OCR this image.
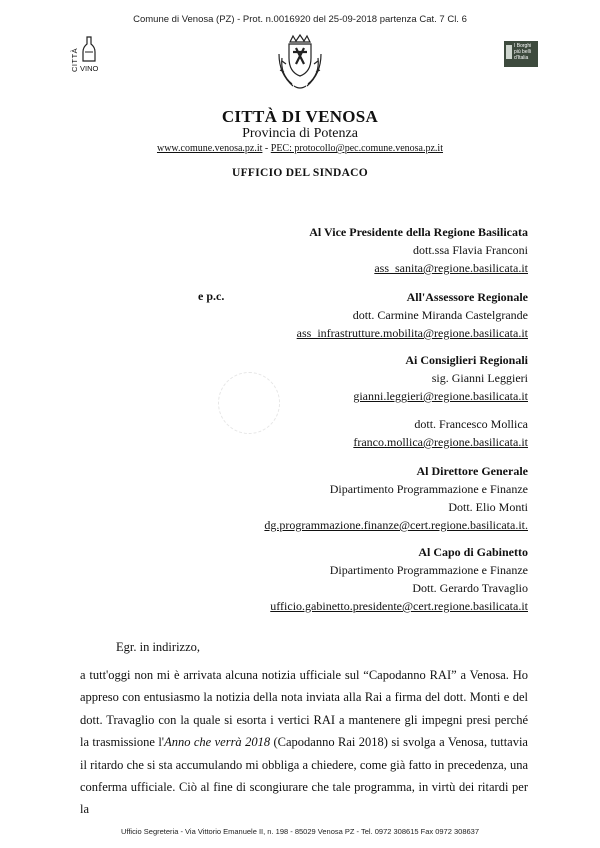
Comune di Venosa (PZ) - Prot. n.0016920 del 25-09-2018 partenza Cat. 7 Cl. 6
CITTÀ VINO
I Borghi più belli d'Italia
CITTÀ DI VENOSA
Provincia di Potenza
www.comune.venosa.pz.it - PEC: protocollo@pec.comune.venosa.pz.it
UFFICIO DEL SINDACO
Al Vice Presidente della Regione Basilicata
dott.ssa Flavia Franconi
ass_sanita@regione.basilicata.it
e p.c.	All'Assessore Regionale
dott. Carmine Miranda Castelgrande
ass_infrastrutture.mobilita@regione.basilicata.it
Ai Consiglieri Regionali
sig. Gianni Leggieri
gianni.leggieri@regione.basilicata.it
dott. Francesco Mollica
franco.mollica@regione.basilicata.it
Al Direttore Generale
Dipartimento Programmazione e Finanze
Dott. Elio Monti
dg.programmazione.finanze@cert.regione.basilicata.it.
Al Capo di Gabinetto
Dipartimento Programmazione e Finanze
Dott. Gerardo Travaglio
ufficio.gabinetto.presidente@cert.regione.basilicata.it
Egr. in indirizzo,
a tutt'oggi non mi è arrivata alcuna notizia ufficiale sul “Capodanno RAI” a Venosa. Ho appreso con entusiasmo la notizia della nota inviata alla Rai a firma del dott. Monti e del dott. Travaglio con la quale si esorta i vertici RAI a mantenere gli impegni presi perché la trasmissione l'Anno che verrà 2018 (Capodanno Rai 2018) si svolga a Venosa, tuttavia il ritardo che si sta accumulando mi obbliga a chiedere, come già fatto in precedenza, una conferma ufficiale. Ciò al fine di scongiurare che tale programma, in virtù dei ritardi per la
Ufficio Segreteria - Via Vittorio Emanuele II, n. 198 - 85029 Venosa PZ - Tel. 0972 308615 Fax 0972 308637
